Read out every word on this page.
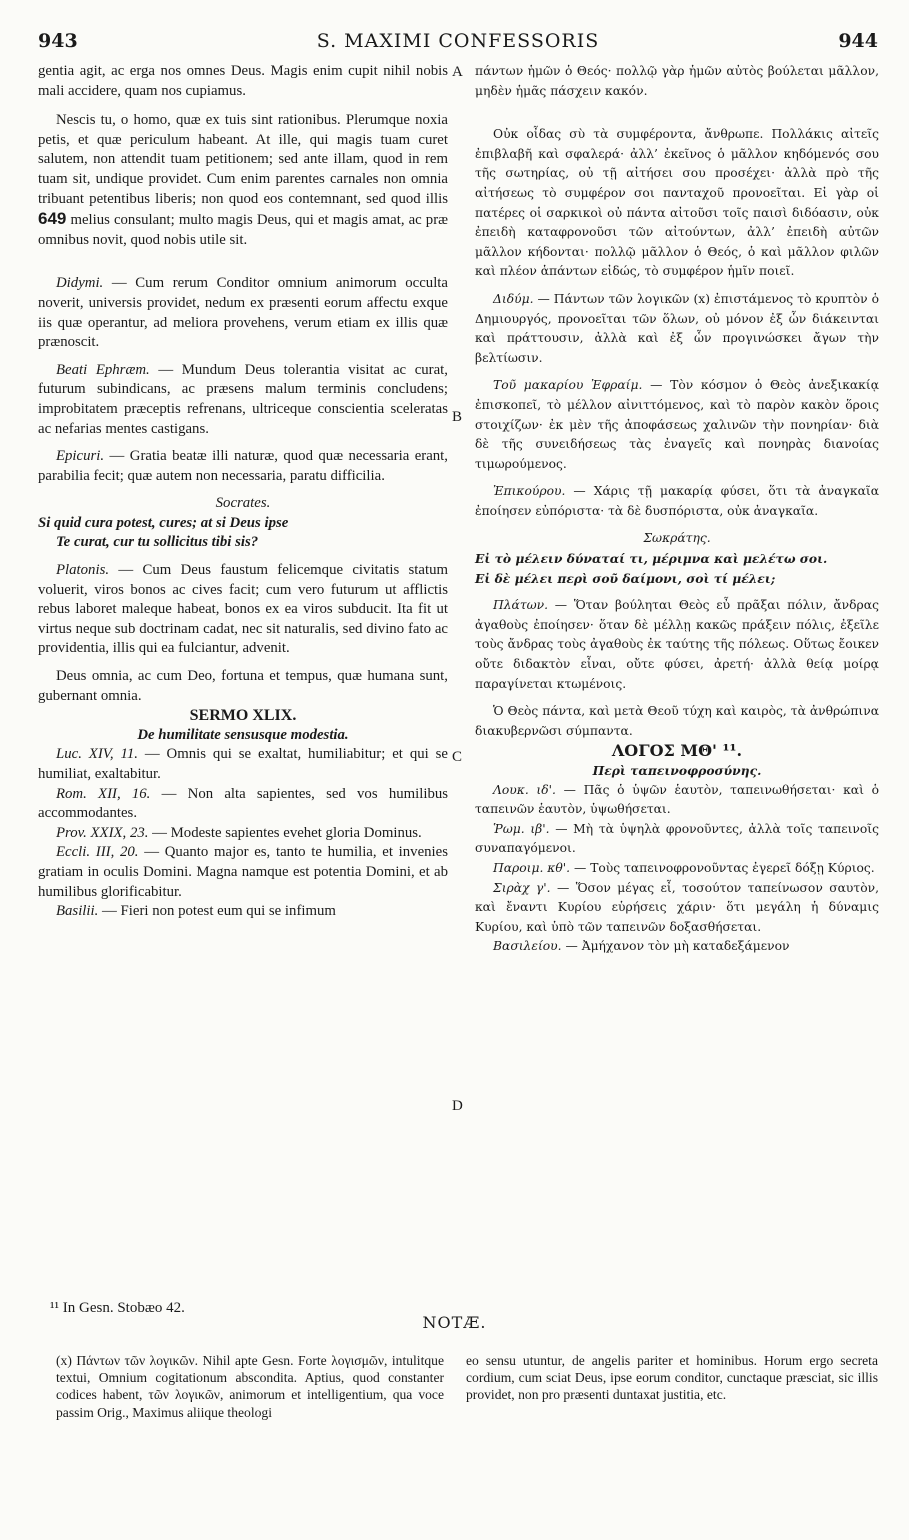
943	S. MAXIMI CONFESSORIS	944
A
B
C
D

gentia agit, ac erga nos omnes Deus. Magis enim cupit nihil nobis mali accidere, quam nos cupiamus.

Nescis tu, o homo, quæ ex tuis sint rationibus. Plerumque noxia petis, et quæ periculum habeant. At ille, qui magis tuam curet salutem, non attendit tuam petitionem; sed ante illam, quod in rem tuam sit, undique providet. Cum enim parentes carnales non omnia tribuant petentibus liberis; non quod eos contemnant, sed quod illis 649 melius consulant; multo magis Deus, qui et magis amat, ac præ omnibus novit, quod nobis utile sit.

Didymi. — Cum rerum Conditor omnium animorum occulta noverit, universis providet, nedum ex præsenti eorum affectu exque iis quæ operantur, ad meliora provehens, verum etiam ex illis quæ prænoscit.

Beati Ephræm. — Mundum Deus tolerantia visitat ac curat, futurum subindicans, ac præsens malum terminis concludens; improbitatem præceptis refrenans, ultriceque conscientia sceleratas ac nefarias mentes castigans.

Epicuri. — Gratia beatæ illi naturæ, quod quæ necessaria erant, parabilia fecit; quæ autem non necessaria, paratu difficilia.

Socrates.

Si quid cura potest, cures; at si Deus ipse

Te curat, cur tu sollicitus tibi sis?

Platonis. — Cum Deus faustum felicemque civitatis statum voluerit, viros bonos ac cives facit; cum vero futurum ut afflictis rebus laboret maleque habeat, bonos ex ea viros subducit. Ita fit ut virtus neque sub doctrinam cadat, nec sit naturalis, sed divino fato ac providentia, illis qui ea fulciantur, advenit.

Deus omnia, ac cum Deo, fortuna et tempus, quæ humana sunt, gubernant omnia.

SERMO XLIX.

De humilitate sensusque modestia.

Luc. XIV, 11. — Omnis qui se exaltat, humiliabitur; et qui se humiliat, exaltabitur.

Rom. XII, 16. — Non alta sapientes, sed vos humilibus accommodantes.

Prov. XXIX, 23. — Modeste sapientes evehet gloria Dominus.

Eccli. III, 20. — Quanto major es, tanto te humilia, et invenies gratiam in oculis Domini. Magna namque est potentia Domini, et ab humilibus glorificabitur.

Basilii. — Fieri non potest eum qui se infimum

πάντων ἡμῶν ὁ Θεός· πολλῷ γὰρ ἡμῶν αὐτὸς βούλεται μᾶλλον, μηδὲν ἡμᾶς πάσχειν κακόν.

Οὐκ οἶδας σὺ τὰ συμφέροντα, ἄνθρωπε. Πολλάκις αἰτεῖς ἐπιβλαβῆ καὶ σφαλερά· ἀλλ’ ἐκεῖνος ὁ μᾶλλον κηδόμενός σου τῆς σωτηρίας, οὐ τῇ αἰτήσει σου προσέχει· ἀλλὰ πρὸ τῆς αἰτήσεως τὸ συμφέρον σοι πανταχοῦ προνοεῖται. Εἰ γὰρ οἱ πατέρες οἱ σαρκικοὶ οὐ πάντα αἰτοῦσι τοῖς παισὶ διδόασιν, οὐκ ἐπειδὴ καταφρονοῦσι τῶν αἰτούντων, ἀλλ’ ἐπειδὴ αὐτῶν μᾶλλον κήδονται· πολλῷ μᾶλλον ὁ Θεός, ὁ καὶ μᾶλλον φιλῶν καὶ πλέον ἁπάντων εἰδώς, τὸ συμφέρον ἡμῖν ποιεῖ.

Διδύμ. — Πάντων τῶν λογικῶν (x) ἐπιστάμενος τὸ κρυπτὸν ὁ Δημιουργός, προνοεῖται τῶν ὅλων, οὐ μόνον ἐξ ὧν διάκεινται καὶ πράττουσιν, ἀλλὰ καὶ ἐξ ὧν προγινώσκει ἄγων τὴν βελτίωσιν.

Τοῦ μακαρίου Ἐφραίμ. — Τὸν κόσμον ὁ Θεὸς ἀνεξικακίᾳ ἐπισκοπεῖ, τὸ μέλλον αἰνιττόμενος, καὶ τὸ παρὸν κακὸν ὅροις στοιχίζων· ἐκ μὲν τῆς ἀποφάσεως χαλινῶν τὴν πονηρίαν· διὰ δὲ τῆς συνειδήσεως τὰς ἐναγεῖς καὶ πονηρὰς διανοίας τιμωρούμενος.

Ἐπικούρου. — Χάρις τῇ μακαρίᾳ φύσει, ὅτι τὰ ἀναγκαῖα ἐποίησεν εὐπόριστα· τὰ δὲ δυσπόριστα, οὐκ ἀναγκαῖα.

Σωκράτης.

Εἰ τὸ μέλειν δύναταί τι, μέριμνα καὶ μελέτω σοι.

Εἰ δὲ μέλει περὶ σοῦ δαίμονι, σοὶ τί μέλει;

Πλάτων. — Ὅταν βούληται Θεὸς εὖ πρᾶξαι πόλιν, ἄνδρας ἀγαθοὺς ἐποίησεν· ὅταν δὲ μέλλῃ κακῶς πράξειν πόλις, ἐξεῖλε τοὺς ἄνδρας τοὺς ἀγαθοὺς ἐκ ταύτης τῆς πόλεως. Οὕτως ἔοικεν οὔτε διδακτὸν εἶναι, οὔτε φύσει, ἀρετή· ἀλλὰ θείᾳ μοίρᾳ παραγίνεται κτωμένοις.

Ὁ Θεὸς πάντα, καὶ μετὰ Θεοῦ τύχη καὶ καιρὸς, τὰ ἀνθρώπινα διακυβερνῶσι σύμπαντα.

ΛΟΓΟΣ ΜΘ' ¹¹.

Περὶ ταπεινοφροσύνης.

Λουκ. ιδ'. — Πᾶς ὁ ὑψῶν ἑαυτὸν, ταπεινωθήσεται· καὶ ὁ ταπεινῶν ἑαυτὸν, ὑψωθήσεται.

Ῥωμ. ιβ'. — Μὴ τὰ ὑψηλὰ φρονοῦντες, ἀλλὰ τοῖς ταπεινοῖς συναπαγόμενοι.

Παροιμ. κθ'. — Τοὺς ταπεινοφρονοῦντας ἐγερεῖ δόξῃ Κύριος.

Σιρὰχ γ'. — Ὅσον μέγας εἶ, τοσούτον ταπείνωσον σαυτὸν, καὶ ἔναντι Κυρίου εὑρήσεις χάριν· ὅτι μεγάλη ἡ δύναμις Κυρίου, καὶ ὑπὸ τῶν ταπεινῶν δοξασθήσεται.

Βασιλείου. — Ἀμήχανον τὸν μὴ καταδεξάμενον

¹¹ In Gesn. Stobæo 42.
NOTÆ.
(x) Πάντων τῶν λογικῶν. Nihil apte Gesn. Forte λογισμῶν, intulitque textui, Omnium cogitationum abscondita. Aptius, quod constanter codices habent, τῶν λογικῶν, animorum et intelligentium, qua voce passim Orig., Maximus aliique theologi
eo sensu utuntur, de angelis pariter et hominibus. Horum ergo secreta cordium, cum sciat Deus, ipse eorum conditor, cunctaque præsciat, sic illis providet, non pro præsenti duntaxat justitia, etc.
